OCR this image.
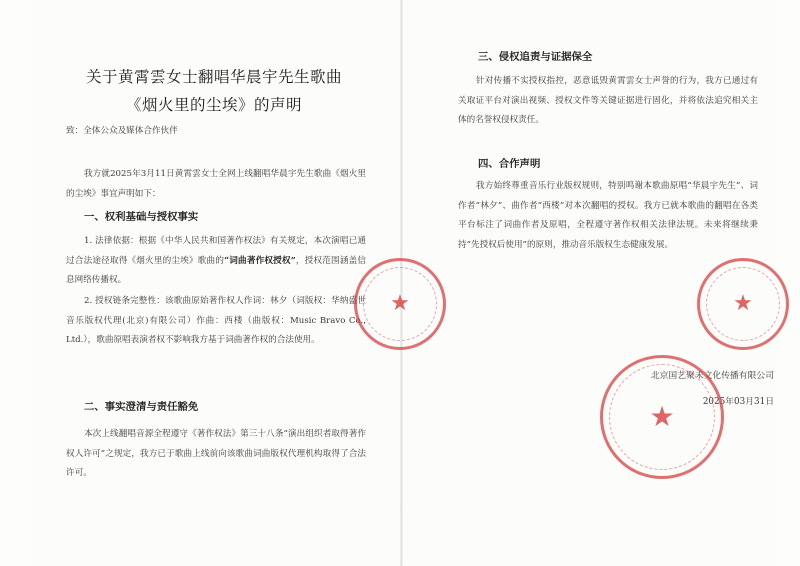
关于黄霄雲女士翻唱华晨宇先生歌曲
《烟火里的尘埃》的声明

致：全体公众及媒体合作伙伴

我方就2025年3月11日黄霄雲女士全网上线翻唱华晨宇先生歌曲《烟火里的尘埃》事宜声明如下：

一、权利基础与授权事实

1. 法律依据：根据《中华人民共和国著作权法》有关规定，本次演唱已通过合法途径取得《烟火里的尘埃》歌曲的“词曲著作权授权”，授权范围涵盖信息网络传播权。

2. 授权链条完整性：该歌曲原始著作权人作词：林夕（词版权：华纳盛世音乐版权代理(北京)有限公司）作曲：西楼（曲版权：Music Bravo Co., Ltd.），歌曲原唱表演者权不影响我方基于词曲著作权的合法使用。

二、事实澄清与责任豁免

本次上线翻唱音源全程遵守《著作权法》第三十八条“演出组织者取得著作权人许可”之规定，我方已于歌曲上线前向该歌曲词曲版权代理机构取得了合法许可。

三、侵权追责与证据保全

针对传播不实授权指控，恶意诋毁黄霄雲女士声誉的行为，我方已通过有关取证平台对演出视频、授权文件等关键证据进行固化，并将依法追究相关主体的名誉权侵权责任。

四、合作声明

我方始终尊重音乐行业版权规则，特别鸣谢本歌曲原唱“华晨宇先生”、词作者“林夕”、曲作者“西楼”对本次翻唱的授权。我方已就本歌曲的翻唱在各类平台标注了词曲作者及原唱，全程遵守著作权相关法律法规。未来将继续秉持“先授权后使用”的原则，推动音乐版权生态健康发展。

北京国艺聚未文化传播有限公司

2025年03月31日

★	★
★
